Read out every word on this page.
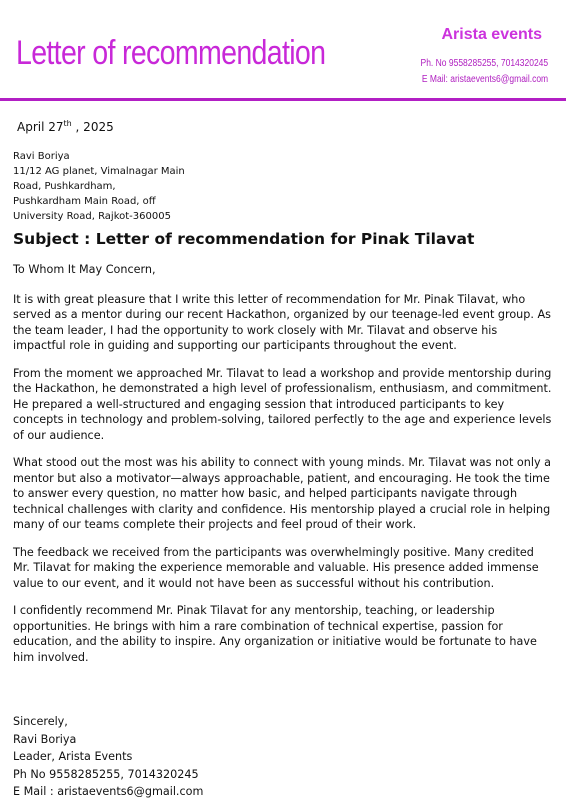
Letter of recommendation	Arista events
Ph. No 9558285255, 7014320245
E Mail: aristaevents6@gmail.com
April 27th , 2025
Ravi Boriya
11/12 AG planet, Vimalnagar Main
Road, Pushkardham,
Pushkardham Main Road, off
University Road, Rajkot-360005
Subject : Letter of recommendation for Pinak Tilavat

To Whom It May Concern,

It is with great pleasure that I write this letter of recommendation for Mr. Pinak Tilavat, who served as a mentor during our recent Hackathon, organized by our teenage-led event group. As the team leader, I had the opportunity to work closely with Mr. Tilavat and observe his impactful role in guiding and supporting our participants throughout the event.

From the moment we approached Mr. Tilavat to lead a workshop and provide mentorship during the Hackathon, he demonstrated a high level of professionalism, enthusiasm, and commitment. He prepared a well-structured and engaging session that introduced participants to key concepts in technology and problem-solving, tailored perfectly to the age and experience levels of our audience.

What stood out the most was his ability to connect with young minds. Mr. Tilavat was not only a mentor but also a motivator—always approachable, patient, and encouraging. He took the time to answer every question, no matter how basic, and helped participants navigate through technical challenges with clarity and confidence. His mentorship played a crucial role in helping many of our teams complete their projects and feel proud of their work.

The feedback we received from the participants was overwhelmingly positive. Many credited Mr. Tilavat for making the experience memorable and valuable. His presence added immense value to our event, and it would not have been as successful without his contribution.

I confidently recommend Mr. Pinak Tilavat for any mentorship, teaching, or leadership opportunities. He brings with him a rare combination of technical expertise, passion for education, and the ability to inspire. Any organization or initiative would be fortunate to have him involved.

Sincerely,
Ravi Boriya
Leader, Arista Events
Ph No 9558285255, 7014320245
E Mail : aristaevents6@gmail.com
